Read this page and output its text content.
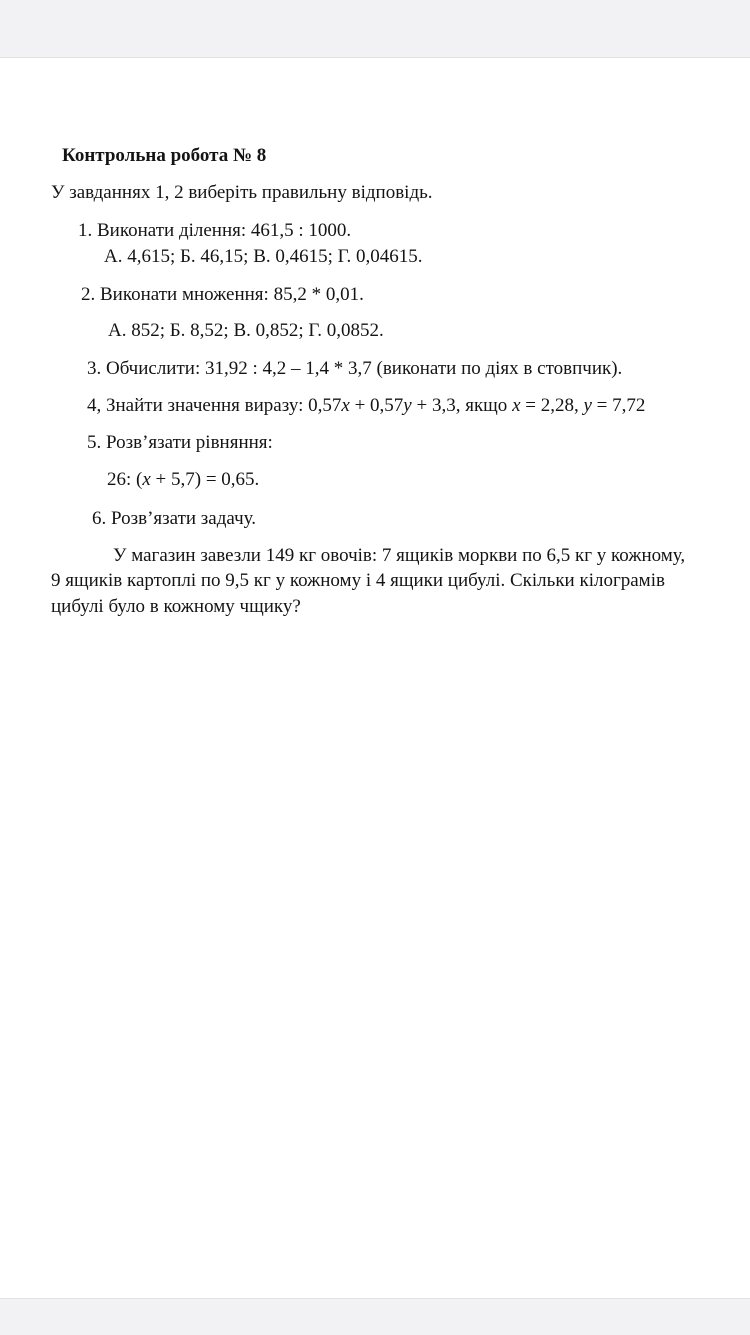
Контрольна робота № 8
У завданнях 1, 2 виберіть правильну відповідь.
1. Виконати ділення: 461,5 : 1000.
А. 4,615; Б. 46,15; В. 0,4615; Г. 0,04615.
2. Виконати множення: 85,2 * 0,01.
А. 852; Б. 8,52; В. 0,852; Г. 0,0852.
3. Обчислити: 31,92 : 4,2 – 1,4 * 3,7 (виконати по діях в стовпчик).
4, Знайти значення виразу: 0,57x + 0,57y + 3,3, якщо x = 2,28, y = 7,72
5. Розв’язати рівняння:
26: (x + 5,7) = 0,65.
6. Розв’язати задачу.
У магазин завезли 149 кг овочів: 7 ящиків моркви по 6,5 кг у кожному,
9 ящиків картоплі по 9,5 кг у кожному і 4 ящики цибулі. Скільки кілограмів
цибулі було в кожному чщику?
